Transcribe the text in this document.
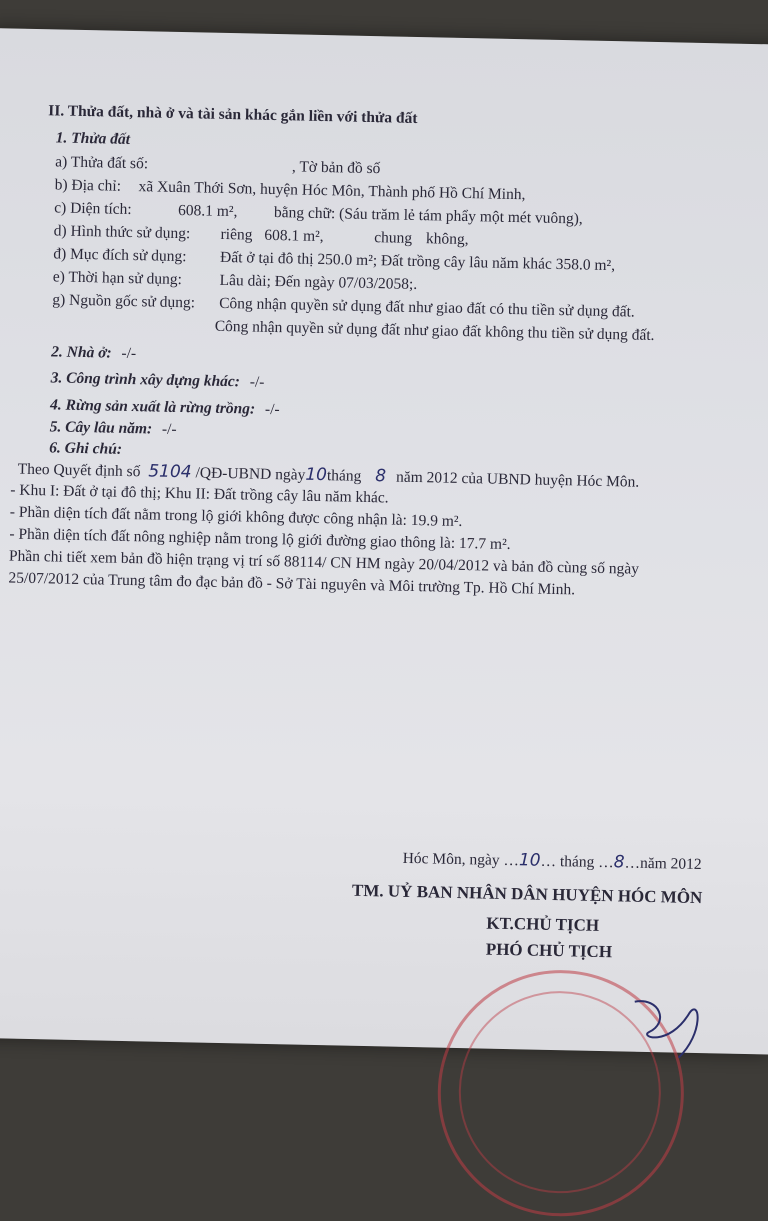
II. Thửa đất, nhà ở và tài sản khác gắn liền với thửa đất
1. Thửa đất
a) Thửa đất số:	, Tờ bản đồ số
b) Địa chỉ: xã Xuân Thới Sơn, huyện Hóc Môn, Thành phố Hồ Chí Minh,
c) Diện tích:	608.1 m², bằng chữ: (Sáu trăm lẻ tám phẩy một mét vuông),
d) Hình thức sử dụng: riêng 608.1 m²,	chung không,
đ) Mục đích sử dụng: Đất ở tại đô thị 250.0 m²; Đất trồng cây lâu năm khác 358.0 m²,
e) Thời hạn sử dụng: Lâu dài; Đến ngày 07/03/2058;.
g) Nguồn gốc sử dụng: Công nhận quyền sử dụng đất như giao đất có thu tiền sử dụng đất.
Công nhận quyền sử dụng đất như giao đất không thu tiền sử dụng đất.
2. Nhà ở: -/-
3. Công trình xây dựng khác: -/-
4. Rừng sản xuất là rừng trồng: -/-
5. Cây lâu năm: -/-
6. Ghi chú:
Theo Quyết định số 5104 /QĐ-UBND ngày10tháng 8 năm 2012 của UBND huyện Hóc Môn.
- Khu I: Đất ở tại đô thị; Khu II: Đất trồng cây lâu năm khác.
- Phần diện tích đất nằm trong lộ giới không được công nhận là: 19.9 m².
- Phần diện tích đất nông nghiệp nằm trong lộ giới đường giao thông là: 17.7 m².
Phần chi tiết xem bản đồ hiện trạng vị trí số 88114/ CN HM ngày 20/04/2012 và bản đồ cùng số ngày
25/07/2012 của Trung tâm đo đạc bản đồ - Sở Tài nguyên và Môi trường Tp. Hồ Chí Minh.
Hóc Môn, ngày …10… tháng …8…năm 2012
TM. UỶ BAN NHÂN DÂN HUYỆN HÓC MÔN
KT.CHỦ TỊCH
PHÓ CHỦ TỊCH
